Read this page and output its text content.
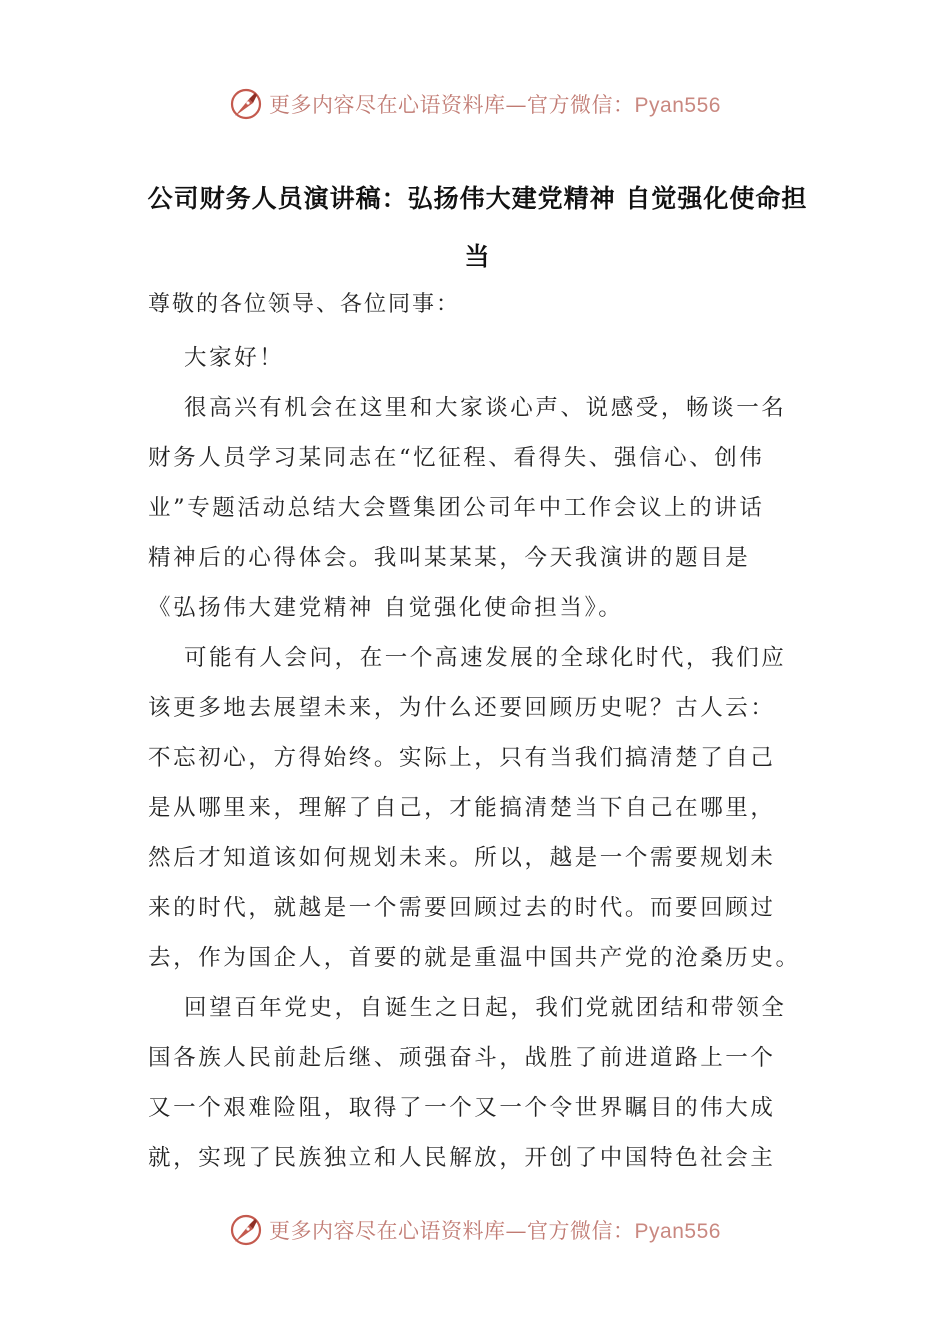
更多内容尽在心语资料库—官方微信：Pyan556
公司财务人员演讲稿：弘扬伟大建党精神 自觉强化使命担
当
尊敬的各位领导、各位同事：
大家好！
很高兴有机会在这里和大家谈心声、说感受，畅谈一名
财务人员学习某同志在“忆征程、看得失、强信心、创伟
业”专题活动总结大会暨集团公司年中工作会议上的讲话
精神后的心得体会。我叫某某某，今天我演讲的题目是
《弘扬伟大建党精神 自觉强化使命担当》。
可能有人会问，在一个高速发展的全球化时代，我们应
该更多地去展望未来，为什么还要回顾历史呢？古人云：
不忘初心，方得始终。实际上，只有当我们搞清楚了自己
是从哪里来，理解了自己，才能搞清楚当下自己在哪里，
然后才知道该如何规划未来。所以，越是一个需要规划未
来的时代，就越是一个需要回顾过去的时代。而要回顾过
去，作为国企人，首要的就是重温中国共产党的沧桑历史。
回望百年党史，自诞生之日起，我们党就团结和带领全
国各族人民前赴后继、顽强奋斗，战胜了前进道路上一个
又一个艰难险阻，取得了一个又一个令世界瞩目的伟大成
就，实现了民族独立和人民解放，开创了中国特色社会主
更多内容尽在心语资料库—官方微信：Pyan556
